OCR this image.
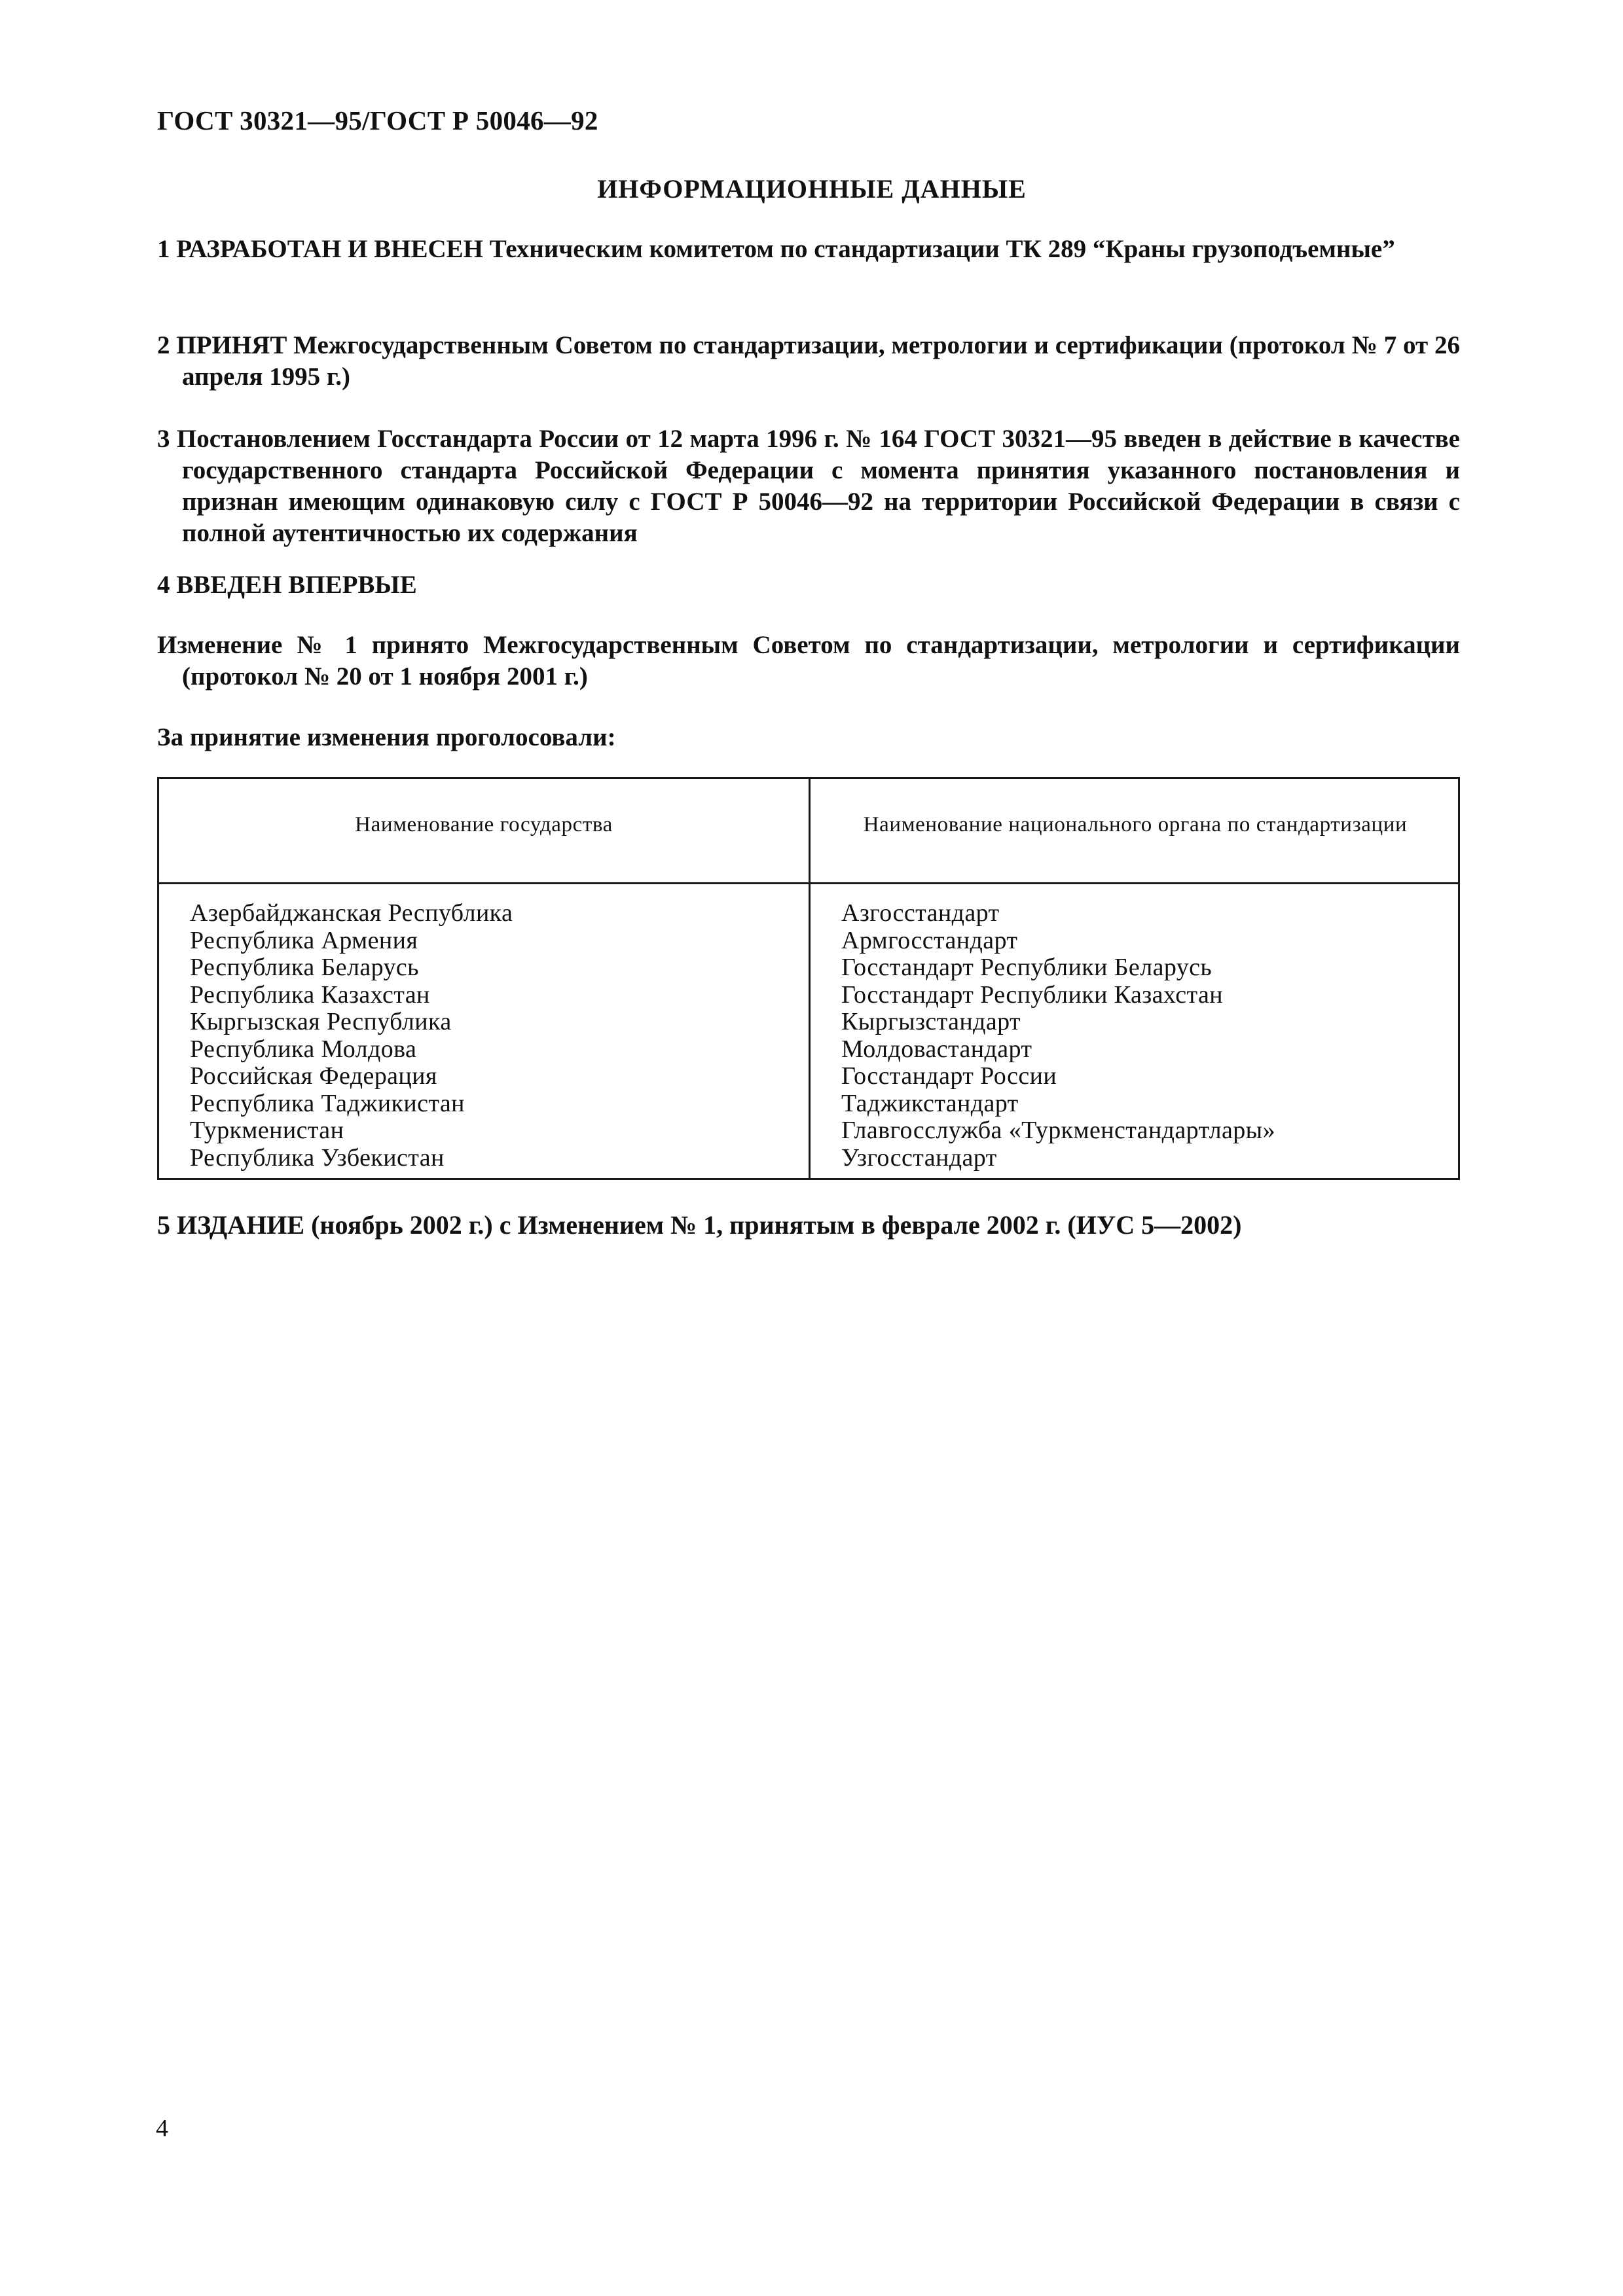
ГОСТ 30321—95/ГОСТ Р 50046—92
ИНФОРМАЦИОННЫЕ ДАННЫЕ
1 РАЗРАБОТАН И ВНЕСЕН Техническим комитетом по стандартизации ТК 289 “Краны грузоподъемные”
2 ПРИНЯТ Межгосударственным Советом по стандартизации, метрологии и сертификации (протокол № 7 от 26 апреля 1995 г.)
3 Постановлением Госстандарта России от 12 марта 1996 г. № 164 ГОСТ 30321—95 введен в действие в качестве государственного стандарта Российской Федерации с момента принятия указанного постановления и признан имеющим одинаковую силу с ГОСТ Р 50046—92 на территории Российской Федерации в связи с полной аутентичностью их содержания
4 ВВЕДЕН ВПЕРВЫЕ
Изменение № 1 принято Межгосударственным Советом по стандартизации, метрологии и сертификации (протокол № 20 от 1 ноября 2001 г.)
За принятие изменения проголосовали:
Наименование государства	Наименование национального органа по стандартизации
Азербайджанская Республика
Республика Армения
Республика Беларусь
Республика Казахстан
Кыргызская Республика
Республика Молдова
Российская Федерация
Республика Таджикистан
Туркменистан
Республика Узбекистан
Азгосстандарт
Армгосстандарт
Госстандарт Республики Беларусь
Госстандарт Республики Казахстан
Кыргызстандарт
Молдовастандарт
Госстандарт России
Таджикстандарт
Главгосслужба «Туркменстандартлары»
Узгосстандарт
5 ИЗДАНИЕ (ноябрь 2002 г.) с Изменением № 1, принятым в феврале 2002 г. (ИУС 5—2002)
4
